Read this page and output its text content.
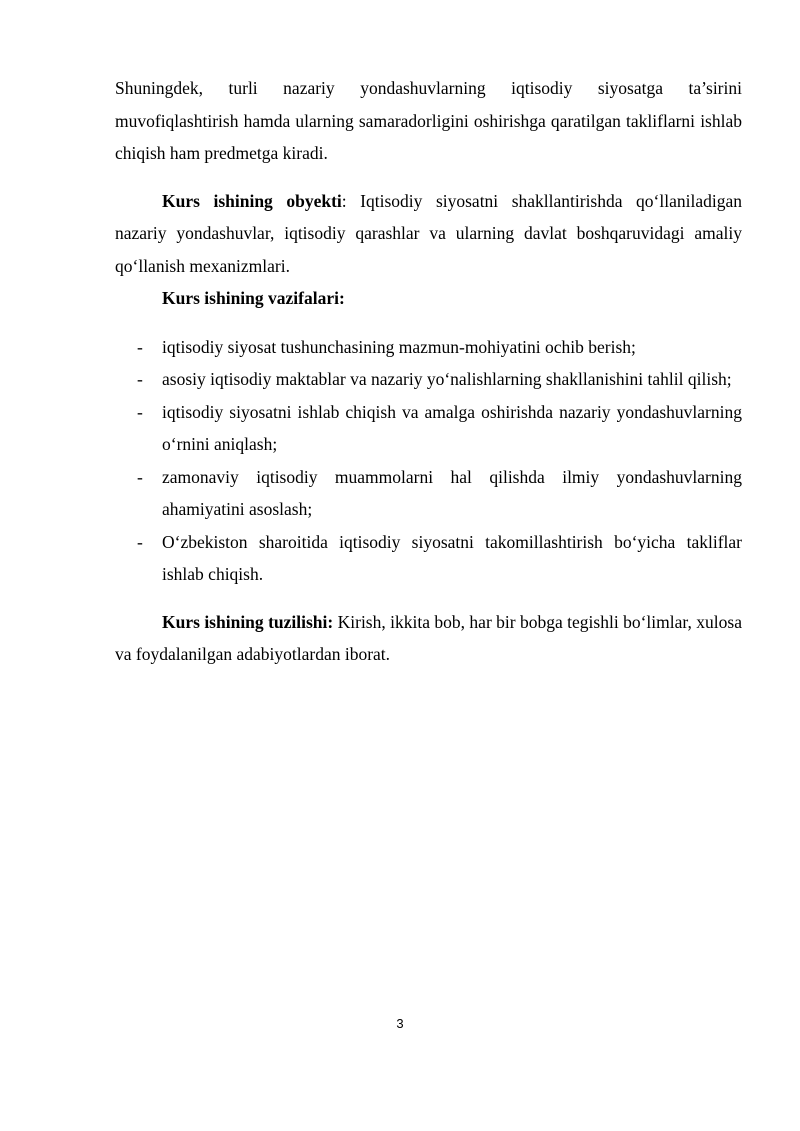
Shuningdek, turli nazariy yondashuvlarning iqtisodiy siyosatga ta’sirini muvofiqlashtirish hamda ularning samaradorligini oshirishga qaratilgan takliflarni ishlab chiqish ham predmetga kiradi.

Kurs ishining obyekti: Iqtisodiy siyosatni shakllantirishda qo‘llaniladigan nazariy yondashuvlar, iqtisodiy qarashlar va ularning davlat boshqaruvidagi amaliy qo‘llanish mexanizmlari.

Kurs ishining vazifalari:

- iqtisodiy siyosat tushunchasining mazmun-mohiyatini ochib berish;
- asosiy iqtisodiy maktablar va nazariy yo‘nalishlarning shakllanishini tahlil qilish;
- iqtisodiy siyosatni ishlab chiqish va amalga oshirishda nazariy yondashuvlarning o‘rnini aniqlash;
- zamonaviy iqtisodiy muammolarni hal qilishda ilmiy yondashuvlarning ahamiyatini asoslash;
- O‘zbekiston sharoitida iqtisodiy siyosatni takomillashtirish bo‘yicha takliflar ishlab chiqish.

Kurs ishining tuzilishi: Kirish, ikkita bob, har bir bobga tegishli bo‘limlar, xulosa va foydalanilgan adabiyotlardan iborat.

3
